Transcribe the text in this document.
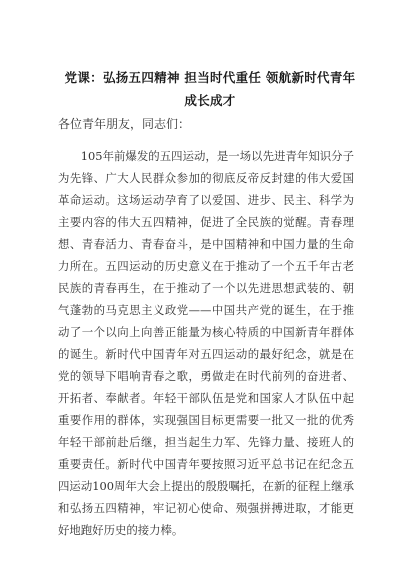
党课：弘扬五四精神 担当时代重任 领航新时代青年成长成才
各位青年朋友，同志们：
105年前爆发的五四运动，是一场以先进青年知识分子为先锋、广大人民群众参加的彻底反帝反封建的伟大爱国革命运动。这场运动孕育了以爱国、进步、民主、科学为主要内容的伟大五四精神，促进了全民族的觉醒。青春理想、青春活力、青春奋斗，是中国精神和中国力量的生命力所在。五四运动的历史意义在于推动了一个五千年古老民族的青春再生，在于推动了一个以先进思想武装的、朝气蓬勃的马克思主义政党——中国共产党的诞生，在于推动了一个以向上向善正能量为核心特质的中国新青年群体的诞生。新时代中国青年对五四运动的最好纪念，就是在党的领导下唱响青春之歌，勇做走在时代前列的奋进者、开拓者、奉献者。年轻干部队伍是党和国家人才队伍中起重要作用的群体，实现强国目标更需要一批又一批的优秀年轻干部前赴后继，担当起生力军、先锋力量、接班人的重要责任。新时代中国青年要按照习近平总书记在纪念五四运动100周年大会上提出的殷殷嘱托，在新的征程上继承和弘扬五四精神，牢记初心使命、殒强拼搏进取，才能更好地跑好历史的接力棒。
